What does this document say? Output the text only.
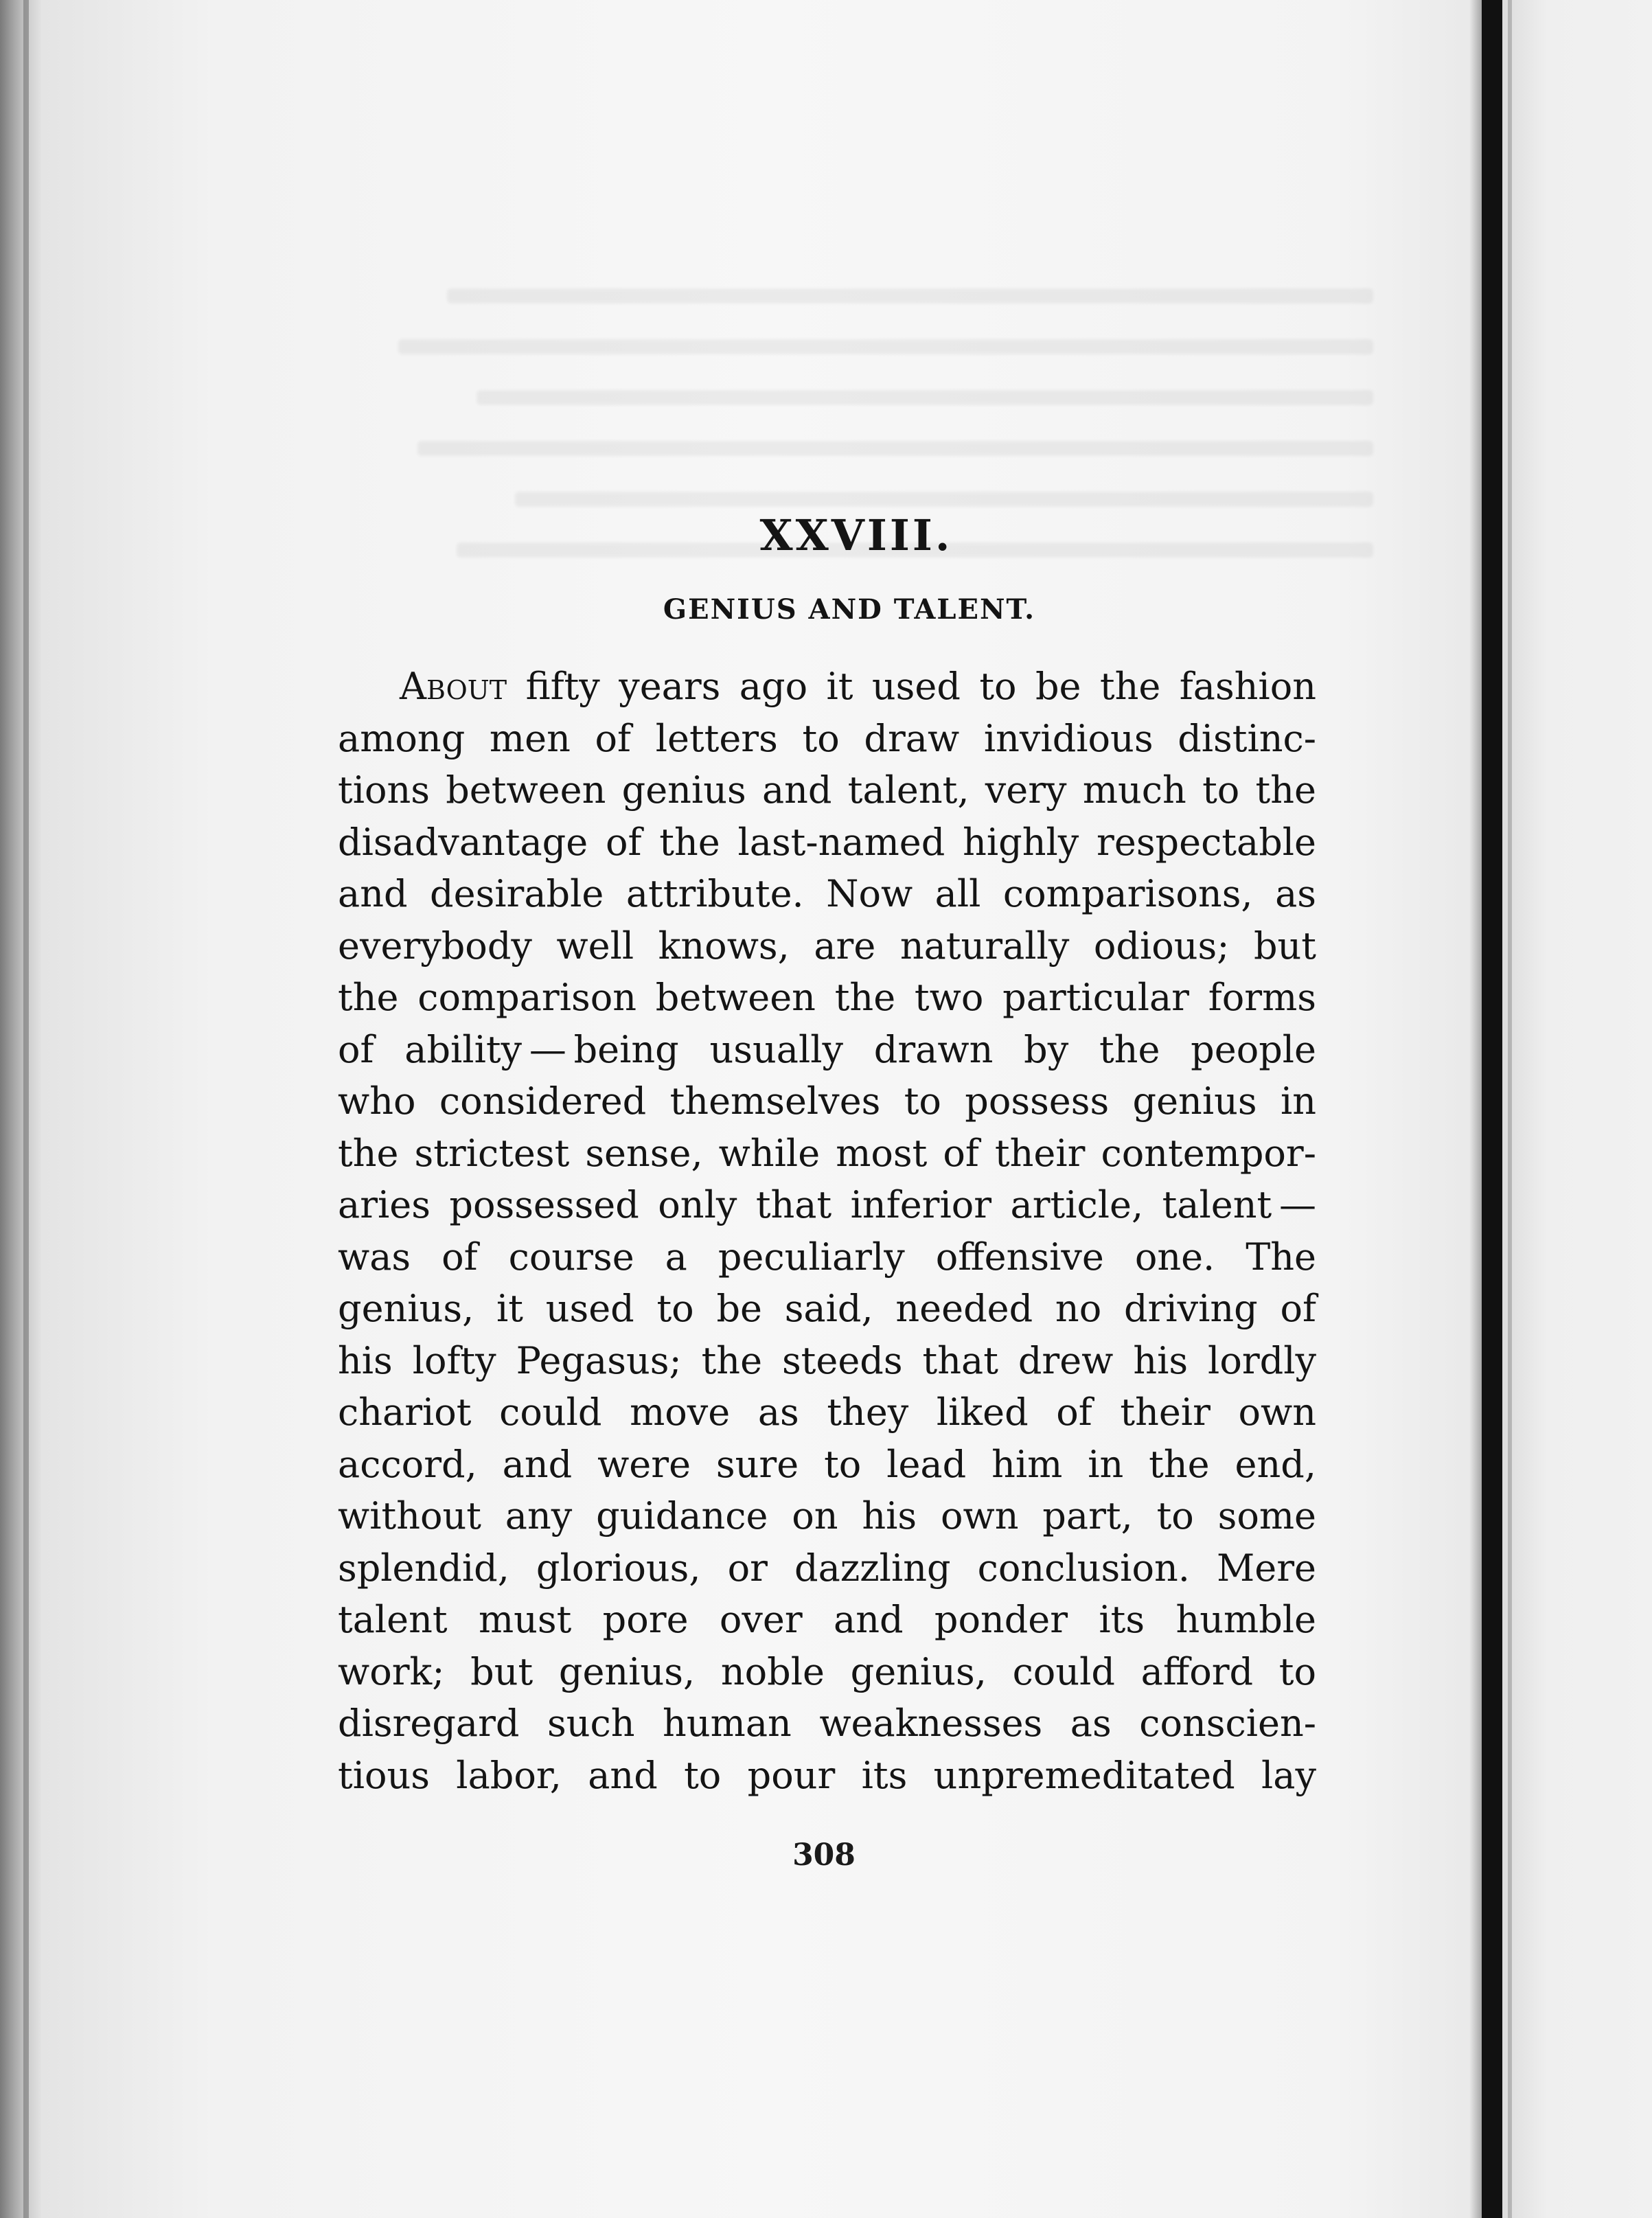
XXVIII.
GENIUS AND TALENT.
About fifty years ago it used to be the fashion
among men of letters to draw invidious distinc-
tions between genius and talent, very much to the
disadvantage of the last-named highly respectable
and desirable attribute. Now all comparisons, as
everybody well knows, are naturally odious; but
the comparison between the two particular forms
of ability — being usually drawn by the people
who considered themselves to possess genius in
the strictest sense, while most of their contempor-
aries possessed only that inferior article, talent —
was of course a peculiarly offensive one. The
genius, it used to be said, needed no driving of
his lofty Pegasus; the steeds that drew his lordly
chariot could move as they liked of their own
accord, and were sure to lead him in the end,
without any guidance on his own part, to some
splendid, glorious, or dazzling conclusion. Mere
talent must pore over and ponder its humble
work; but genius, noble genius, could afford to
disregard such human weaknesses as conscien-
tious labor, and to pour its unpremeditated lay
308
